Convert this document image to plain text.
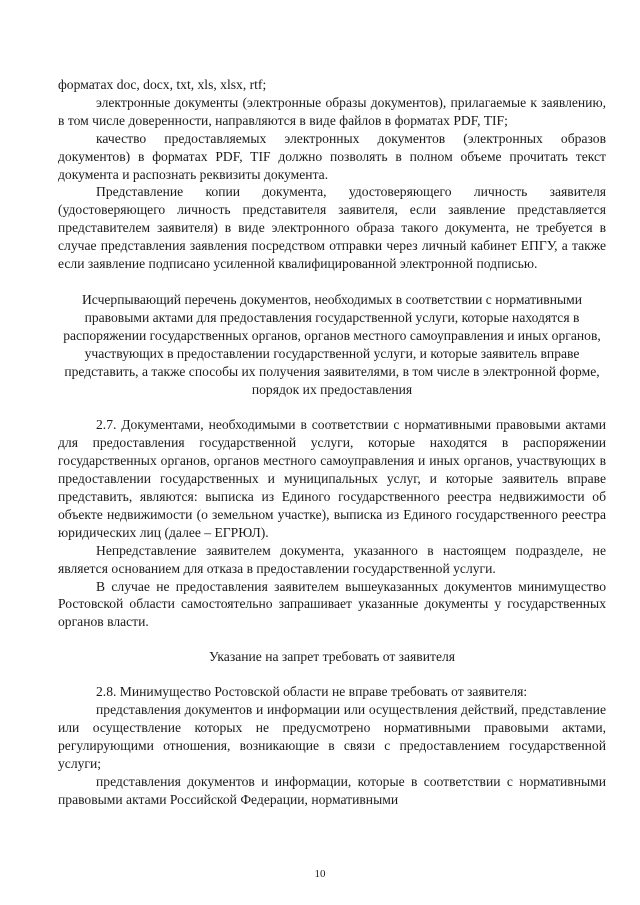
форматах doc, docx, txt, xls, xlsx, rtf;

электронные документы (электронные образы документов), прилагаемые к заявлению, в том числе доверенности, направляются в виде файлов в форматах PDF, TIF;

качество предоставляемых электронных документов (электронных образов документов) в форматах PDF, TIF должно позволять в полном объеме прочитать текст документа и распознать реквизиты документа.

Представление копии документа, удостоверяющего личность заявителя (удостоверяющего личность представителя заявителя, если заявление представляется представителем заявителя) в виде электронного образа такого документа, не требуется в случае представления заявления посредством отправки через личный кабинет ЕПГУ, а также если заявление подписано усиленной квалифицированной электронной подписью.

Исчерпывающий перечень документов, необходимых в соответствии с нормативными правовыми актами для предоставления государственной услуги, которые находятся в распоряжении государственных органов, органов местного самоуправления и иных органов, участвующих в предоставлении государственной услуги, и которые заявитель вправе представить, а также способы их получения заявителями, в том числе в электронной форме, порядок их предоставления

2.7. Документами, необходимыми в соответствии с нормативными правовыми актами для предоставления государственной услуги, которые находятся в распоряжении государственных органов, органов местного самоуправления и иных органов, участвующих в предоставлении государственных и муниципальных услуг, и которые заявитель вправе представить, являются: выписка из Единого государственного реестра недвижимости об объекте недвижимости (о земельном участке), выписка из Единого государственного реестра юридических лиц (далее – ЕГРЮЛ).

Непредставление заявителем документа, указанного в настоящем подразделе, не является основанием для отказа в предоставлении государственной услуги.

В случае не предоставления заявителем вышеуказанных документов минимущество Ростовской области самостоятельно запрашивает указанные документы у государственных органов власти.

Указание на запрет требовать от заявителя

2.8. Минимущество Ростовской области не вправе требовать от заявителя:

представления документов и информации или осуществления действий, представление или осуществление которых не предусмотрено нормативными правовыми актами, регулирующими отношения, возникающие в связи с предоставлением государственной услуги;

представления документов и информации, которые в соответствии с нормативными правовыми актами Российской Федерации, нормативными

10
